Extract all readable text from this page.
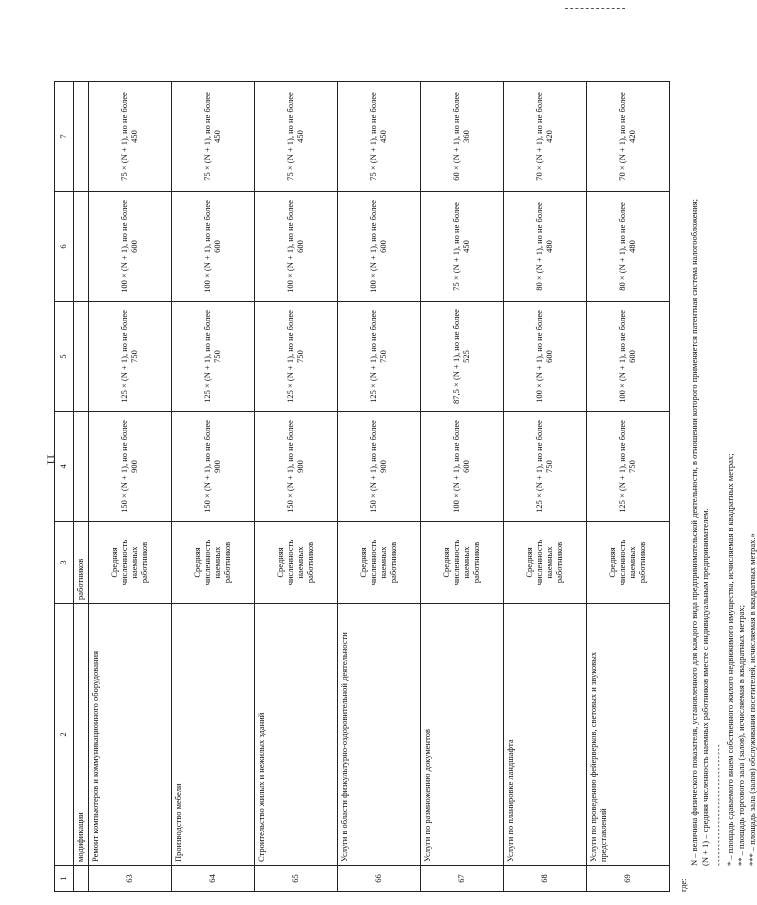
11
1	2	3	4	5	6	7
	модификации	работников				
63	Ремонт компьютеров и коммуникационного оборудования	Средняя численность наемных работников	150 × (N + 1), но не более 900	125 × (N + 1), но не более 750	100 × (N + 1), но не более 600	75 × (N + 1), но не более 450
64	Производство мебели	Средняя численность наемных работников	150 × (N + 1), но не более 900	125 × (N + 1), но не более 750	100 × (N + 1), но не более 600	75 × (N + 1), но не более 450
65	Строительство жилых и нежилых зданий	Средняя численность наемных работников	150 × (N + 1), но не более 900	125 × (N + 1), но не более 750	100 × (N + 1), но не более 600	75 × (N + 1), но не более 450
66	Услуги в области физкультурно-оздоровительной деятельности	Средняя численность наемных работников	150 × (N + 1), но не более 900	125 × (N + 1), но не более 750	100 × (N + 1), но не более 600	75 × (N + 1), но не более 450
67	Услуги по размножению документов	Средняя численность наемных работников	100 × (N + 1), но не более 600	87,5 × (N + 1), но не более 525	75 × (N + 1), но не более 450	60 × (N + 1), но не более 360
68	Услуги по планировке ландшафта	Средняя численность наемных работников	125 × (N + 1), но не более 750	100 × (N + 1), но не более 600	80 × (N + 1), но не более 480	70 × (N + 1), но не более 420
69	Услуги по проведению фейерверков, световых и звуковых представлений	Средняя численность наемных работников	125 × (N + 1), но не более 750	100 × (N + 1), но не более 600	80 × (N + 1), но не более 480	70 × (N + 1), но не более 420

где:

N – величина физического показателя, установленного для каждого вида предпринимательской деятельности, в отношении которого применяется патентная система налогообложения; (N + 1) – средняя численность наемных работников вместе с индивидуальным предпринимателем. -------------------------------- * – площадь сдаваемого внаем собственного жилого недвижимого имущества, исчисляемая в квадратных метрах; ** – площадь торгового зала (залов), исчисляемая в квадратных метрах; *** – площадь зала (залов) обслуживания посетителей, исчисляемая в квадратных метрах.»
